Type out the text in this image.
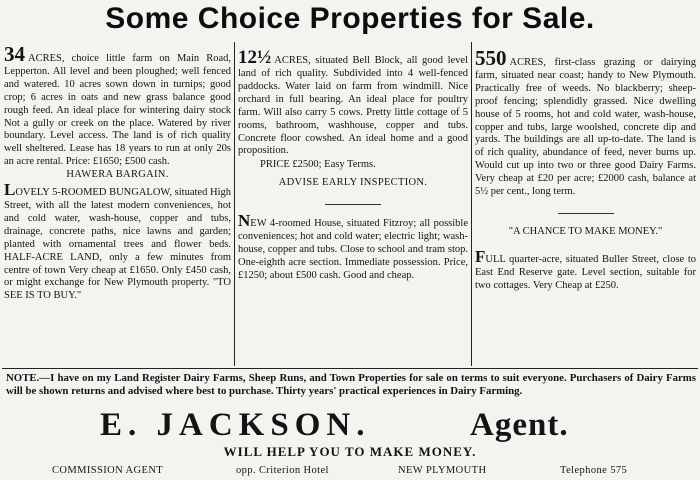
Some Choice Properties for Sale.

34 ACRES, choice little farm on Main Road, Lepperton. All level and been ploughed; well fenced and watered. 10 acres sown down in turnips; good crop; 6 acres in oats and new grass balance good rough feed. An ideal place for wintering dairy stock Not a gully or creek on the place. Watered by river boundary. Level access. The land is of rich quality well sheltered. Lease has 18 years to run at only 20s an acre rental. Price: £1650; £500 cash.

HAWERA BARGAIN.

LOVELY 5-ROOMED BUNGALOW, situated High Street, with all the latest modern conveniences, hot and cold water, wash-house, copper and tubs, drainage, concrete paths, nice lawns and garden; planted with ornamental trees and flower beds. HALF-ACRE LAND, only a few minutes from centre of town Very cheap at £1650. Only £450 cash, or might exchange for New Plymouth property. "TO SEE IS TO BUY."

12½ ACRES, situated Bell Block, all good level land of rich quality. Subdivided into 4 well-fenced paddocks. Water laid on farm from windmill. Nice orchard in full bearing. An ideal place for poultry farm. Will also carry 5 cows. Pretty little cottage of 5 rooms, bathroom, washhouse, copper and tubs. Concrete floor cowshed. An ideal home and a good proposition.

PRICE £2500; Easy Terms.

ADVISE EARLY INSPECTION.

NEW 4-roomed House, situated Fitzroy; all possible conveniences; hot and cold water; electric light; wash-house, copper and tubs. Close to school and tram stop. One-eighth acre section. Immediate possession. Price, £1250; about £500 cash. Good and cheap.

550 ACRES, first-class grazing or dairying farm, situated near coast; handy to New Plymouth. Practically free of weeds. No blackberry; sheep-proof fencing; splendidly grassed. Nice dwelling house of 5 rooms, hot and cold water, wash-house, copper and tubs, large woolshed, concrete dip and yards. The buildings are all up-to-date. The land is of rich quality, abundance of feed, never burns up. Would cut up into two or three good Dairy Farms. Very cheap at £20 per acre; £2000 cash, balance at 5½ per cent., long term.

"A CHANCE TO MAKE MONEY."

FULL quarter-acre, situated Buller Street, close to East End Reserve gate. Level section, suitable for two cottages. Very Cheap at £250.

NOTE.—I have on my Land Register Dairy Farms, Sheep Runs, and Town Properties for sale on terms to suit everyone. Purchasers of Dairy Farms will be shown returns and advised where best to purchase. Thirty years' practical experiences in Dairy Farming.
E. JACKSON.	Agent.
WILL HELP YOU TO MAKE MONEY.
COMMISSION AGENT	opp. Criterion Hotel	NEW PLYMOUTH	Telephone 575
